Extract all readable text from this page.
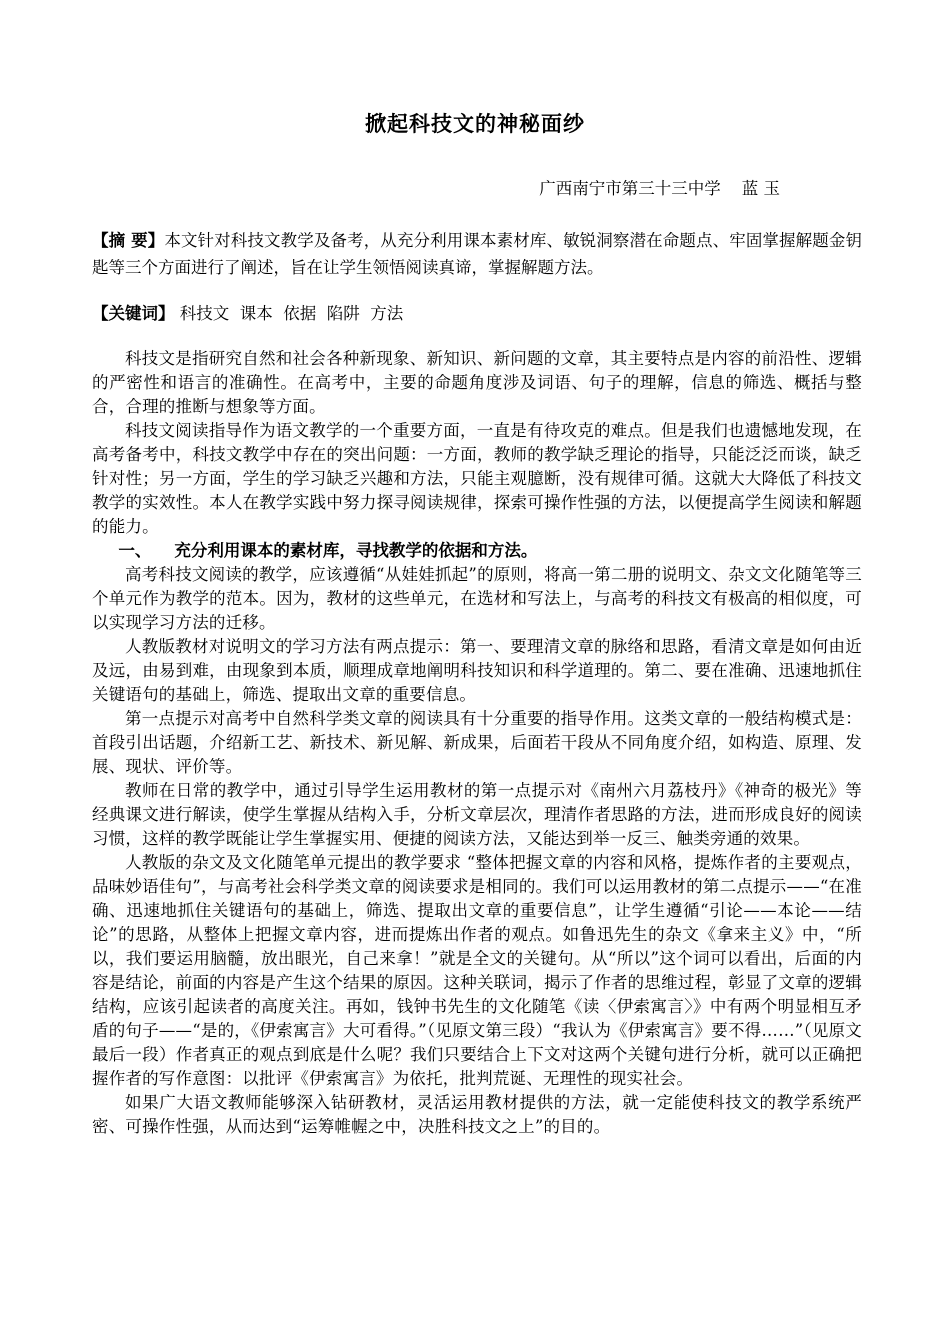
掀起科技文的神秘面纱
广西南宁市第三十三中学    蓝 玉
【摘 要】本文针对科技文教学及备考，从充分利用课本素材库、敏锐洞察潜在命题点、牢固掌握解题金钥匙等三个方面进行了阐述，旨在让学生领悟阅读真谛，掌握解题方法。
【关键词】 科技文  课本  依据  陷阱  方法

科技文是指研究自然和社会各种新现象、新知识、新问题的文章，其主要特点是内容的前沿性、逻辑的严密性和语言的准确性。在高考中，主要的命题角度涉及词语、句子的理解，信息的筛选、概括与整合，合理的推断与想象等方面。

科技文阅读指导作为语文教学的一个重要方面，一直是有待攻克的难点。但是我们也遗憾地发现，在高考备考中，科技文教学中存在的突出问题：一方面，教师的教学缺乏理论的指导，只能泛泛而谈，缺乏针对性；另一方面，学生的学习缺乏兴趣和方法，只能主观臆断，没有规律可循。这就大大降低了科技文教学的实效性。本人在教学实践中努力探寻阅读规律，探索可操作性强的方法，以便提高学生阅读和解题的能力。

一、    充分利用课本的素材库，寻找教学的依据和方法。

高考科技文阅读的教学，应该遵循“从娃娃抓起”的原则，将高一第二册的说明文、杂文文化随笔等三个单元作为教学的范本。因为，教材的这些单元，在选材和写法上，与高考的科技文有极高的相似度，可以实现学习方法的迁移。

人教版教材对说明文的学习方法有两点提示：第一、要理清文章的脉络和思路，看清文章是如何由近及远，由易到难，由现象到本质，顺理成章地阐明科技知识和科学道理的。第二、要在准确、迅速地抓住关键语句的基础上，筛选、提取出文章的重要信息。

第一点提示对高考中自然科学类文章的阅读具有十分重要的指导作用。这类文章的一般结构模式是：首段引出话题，介绍新工艺、新技术、新见解、新成果，后面若干段从不同角度介绍，如构造、原理、发展、现状、评价等。

教师在日常的教学中，通过引导学生运用教材的第一点提示对《南州六月荔枝丹》《神奇的极光》等经典课文进行解读，使学生掌握从结构入手，分析文章层次，理清作者思路的方法，进而形成良好的阅读习惯，这样的教学既能让学生掌握实用、便捷的阅读方法，又能达到举一反三、触类旁通的效果。

人教版的杂文及文化随笔单元提出的教学要求 “整体把握文章的内容和风格，提炼作者的主要观点，品味妙语佳句”，与高考社会科学类文章的阅读要求是相同的。我们可以运用教材的第二点提示——“在准确、迅速地抓住关键语句的基础上，筛选、提取出文章的重要信息”，让学生遵循“引论——本论——结论”的思路，从整体上把握文章内容，进而提炼出作者的观点。如鲁迅先生的杂文《拿来主义》中，“所以，我们要运用脑髓，放出眼光，自己来拿！”就是全文的关键句。从“所以”这个词可以看出，后面的内容是结论，前面的内容是产生这个结果的原因。这种关联词，揭示了作者的思维过程，彰显了文章的逻辑结构，应该引起读者的高度关注。再如，钱钟书先生的文化随笔《读〈伊索寓言〉》中有两个明显相互矛盾的句子——“是的，《伊索寓言》大可看得。”（见原文第三段）“我认为《伊索寓言》要不得……”（见原文最后一段）作者真正的观点到底是什么呢？我们只要结合上下文对这两个关键句进行分析，就可以正确把握作者的写作意图：以批评《伊索寓言》为依托，批判荒诞、无理性的现实社会。

如果广大语文教师能够深入钻研教材，灵活运用教材提供的方法，就一定能使科技文的教学系统严密、可操作性强，从而达到“运筹帷幄之中，决胜科技文之上”的目的。
